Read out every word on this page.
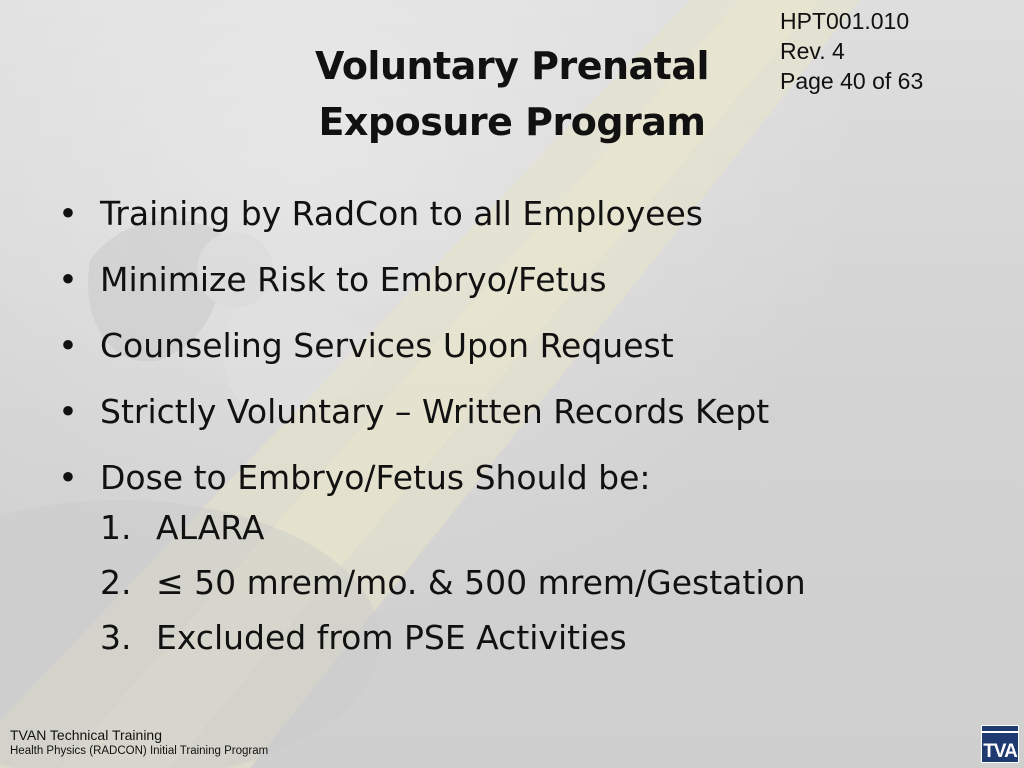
HPT001.010
Rev. 4
Page 40 of 63
Voluntary Prenatal
Exposure Program
• Training by RadCon to all Employees
• Minimize Risk to Embryo/Fetus
• Counseling Services Upon Request
• Strictly Voluntary – Written Records Kept
• Dose to Embryo/Fetus Should be:
1. ALARA
2. ≤ 50 mrem/mo. & 500 mrem/Gestation
3. Excluded from PSE Activities
TVAN Technical Training
Health Physics (RADCON) Initial Training Program	TVA
